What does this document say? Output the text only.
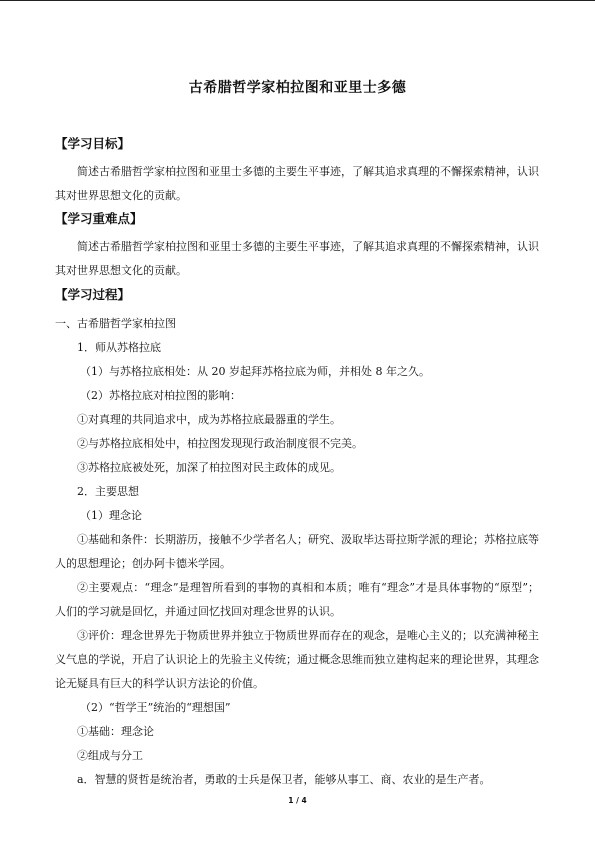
古希腊哲学家柏拉图和亚里士多德
【学习目标】
简述古希腊哲学家柏拉图和亚里士多德的主要生平事迹，了解其追求真理的不懈探索精神，认识其对世界思想文化的贡献。
【学习重难点】
简述古希腊哲学家柏拉图和亚里士多德的主要生平事迹，了解其追求真理的不懈探索精神，认识其对世界思想文化的贡献。
【学习过程】
一、古希腊哲学家柏拉图
1．师从苏格拉底
（1）与苏格拉底相处：从 20 岁起拜苏格拉底为师，并相处 8 年之久。
（2）苏格拉底对柏拉图的影响：
①对真理的共同追求中，成为苏格拉底最器重的学生。
②与苏格拉底相处中，柏拉图发现现行政治制度很不完美。
③苏格拉底被处死，加深了柏拉图对民主政体的成见。
2．主要思想
（1）理念论
①基础和条件：长期游历，接触不少学者名人；研究、汲取毕达哥拉斯学派的理论；苏格拉底等人的思想理论；创办阿卡德米学园。
②主要观点：“理念”是理智所看到的事物的真相和本质；唯有“理念”才是具体事物的“原型”；人们的学习就是回忆，并通过回忆找回对理念世界的认识。
③评价：理念世界先于物质世界并独立于物质世界而存在的观念，是唯心主义的；以充满神秘主义气息的学说，开启了认识论上的先验主义传统；通过概念思维而独立建构起来的理论世界，其理念论无疑具有巨大的科学认识方法论的价值。
（2）“哲学王”统治的“理想国”
①基础：理念论
②组成与分工
a．智慧的贤哲是统治者，勇敢的士兵是保卫者，能够从事工、商、农业的是生产者。
1 / 4
